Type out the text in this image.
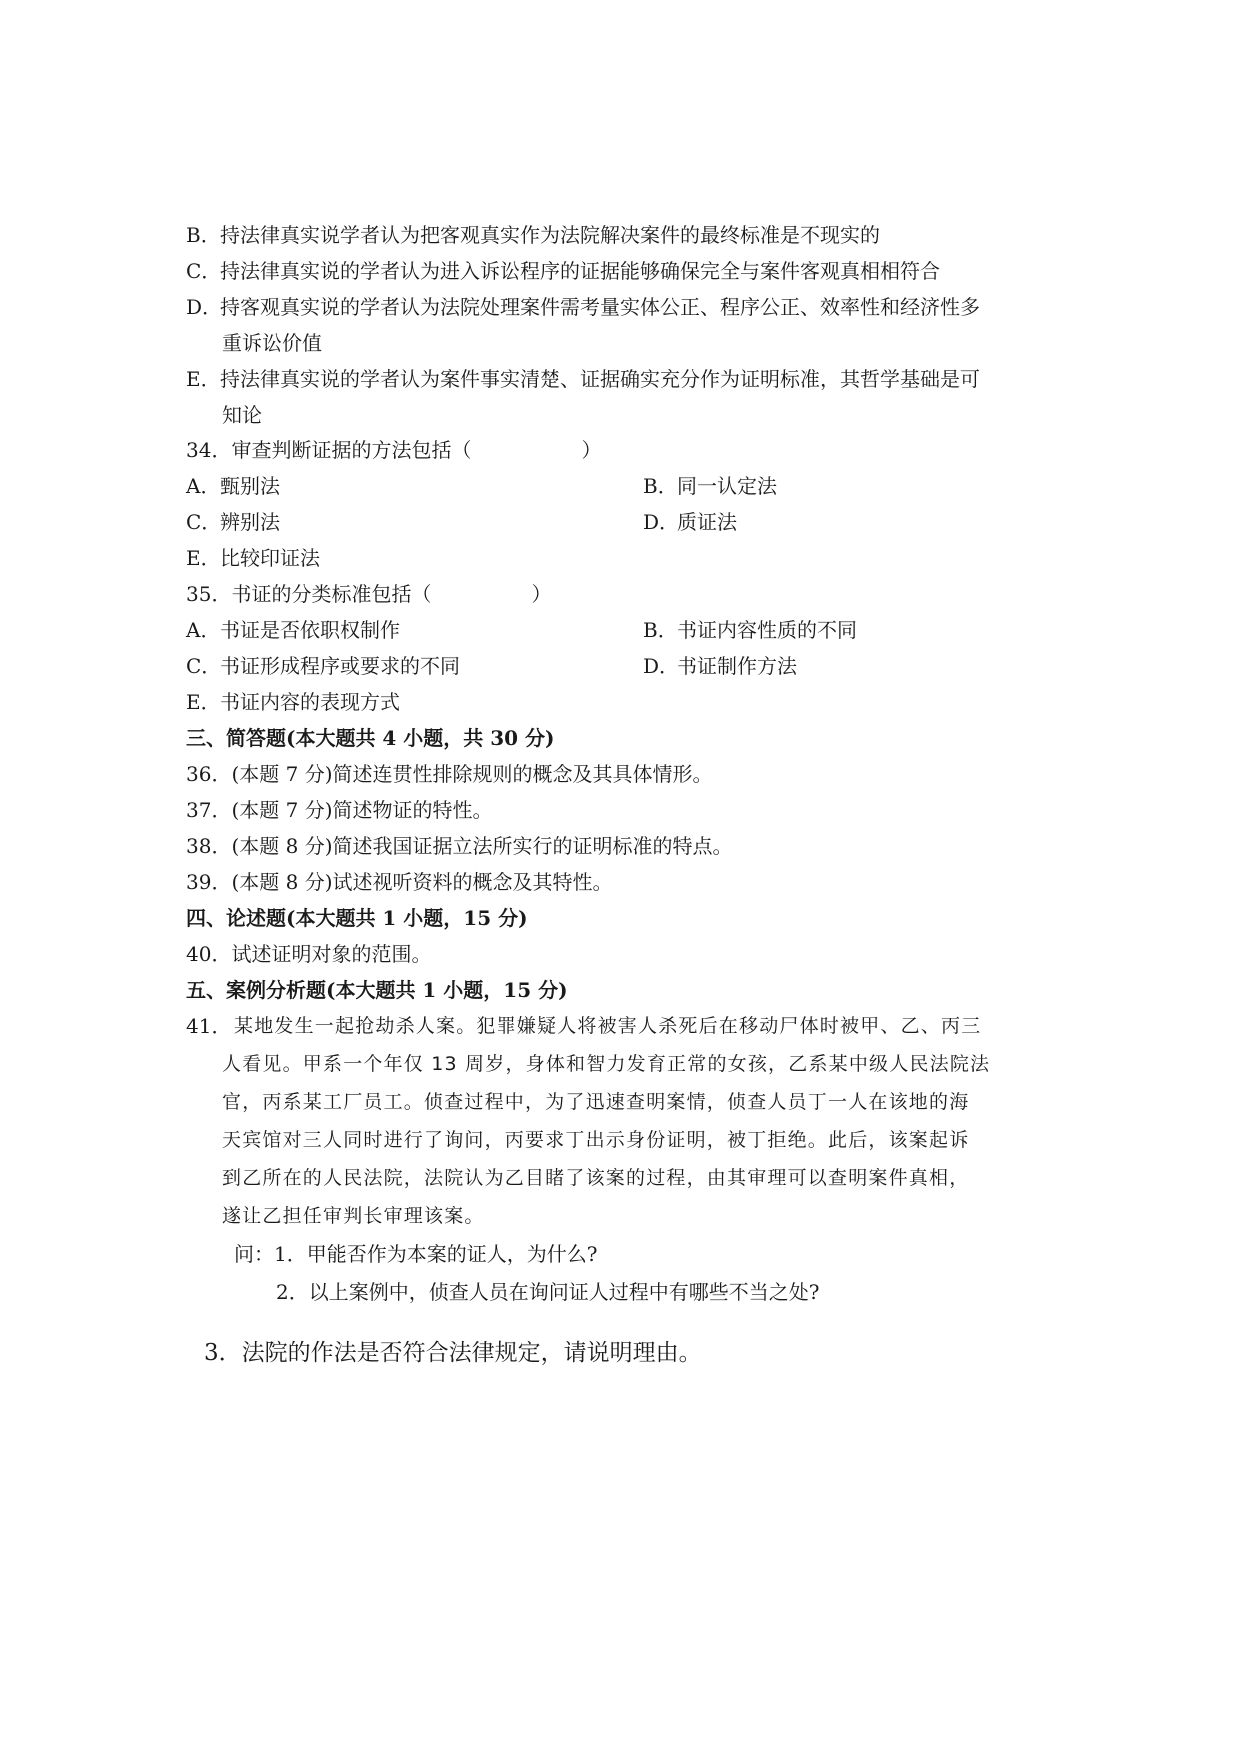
B．持法律真实说学者认为把客观真实作为法院解决案件的最终标准是不现实的
C．持法律真实说的学者认为进入诉讼程序的证据能够确保完全与案件客观真相相符合
D．持客观真实说的学者认为法院处理案件需考量实体公正、程序公正、效率性和经济性多
重诉讼价值
E．持法律真实说的学者认为案件事实清楚、证据确实充分作为证明标准，其哲学基础是可
知论
34．审查判断证据的方法包括（	）
A．甄别法	B．同一认定法
C．辨别法	D．质证法
E．比较印证法
35．书证的分类标准包括（	）
A．书证是否依职权制作	B．书证内容性质的不同
C．书证形成程序或要求的不同	D．书证制作方法
E．书证内容的表现方式
三、简答题(本大题共 4 小题，共 30 分)
36．(本题 7 分)简述连贯性排除规则的概念及其具体情形。
37．(本题 7 分)简述物证的特性。
38．(本题 8 分)简述我国证据立法所实行的证明标准的特点。
39．(本题 8 分)试述视听资料的概念及其特性。
四、论述题(本大题共 1 小题，15 分)
40．试述证明对象的范围。
五、案例分析题(本大题共 1 小题，15 分)
41． 某地发生一起抢劫杀人案。犯罪嫌疑人将被害人杀死后在移动尸体时被甲、乙、丙三
人看见。甲系一个年仅 13 周岁，身体和智力发育正常的女孩，乙系某中级人民法院法
官，丙系某工厂员工。侦查过程中，为了迅速查明案情，侦查人员丁一人在该地的海
天宾馆对三人同时进行了询问，丙要求丁出示身份证明，被丁拒绝。此后，该案起诉
到乙所在的人民法院，法院认为乙目睹了该案的过程，由其审理可以查明案件真相，
遂让乙担任审判长审理该案。
问：1．甲能否作为本案的证人，为什么?
2．以上案例中，侦查人员在询问证人过程中有哪些不当之处?
3．法院的作法是否符合法律规定，请说明理由。
